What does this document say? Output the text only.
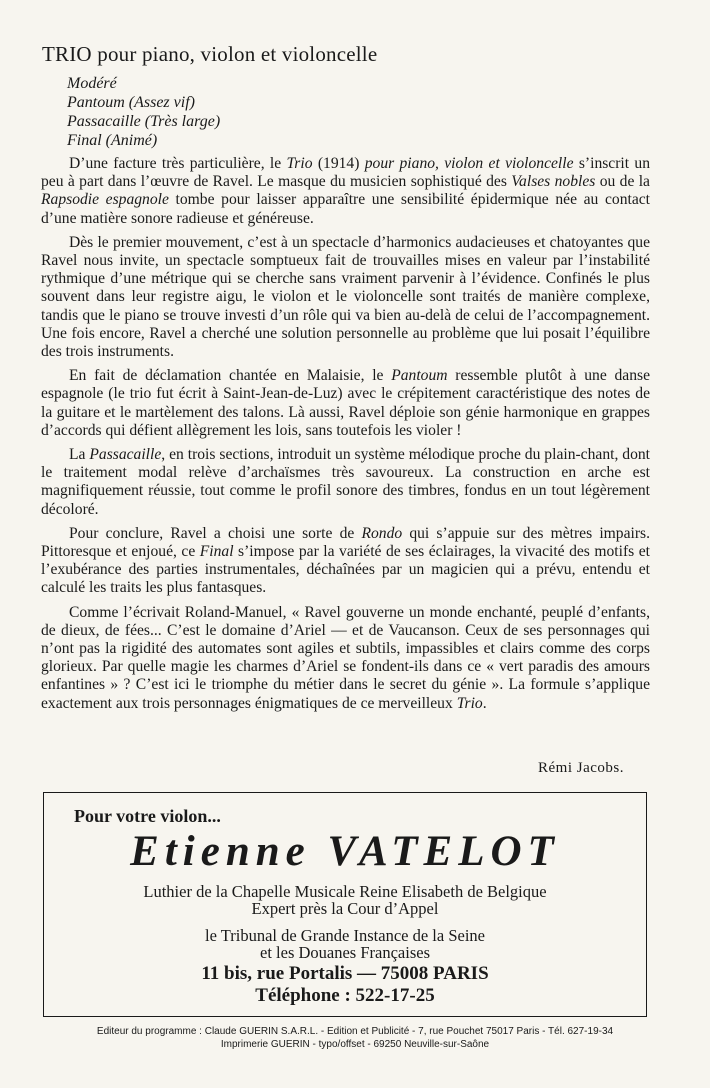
TRIO pour piano, violon et violoncelle
Modéré
Pantoum (Assez vif)
Passacaille (Très large)
Final (Animé)

D’une facture très particulière, le Trio (1914) pour piano, violon et violoncelle s’inscrit un peu à part dans l’œuvre de Ravel. Le masque du musicien sophistiqué des Valses nobles ou de la Rapsodie espagnole tombe pour laisser apparaître une sensibilité épidermique née au contact d’une matière sonore radieuse et généreuse.

Dès le premier mouvement, c’est à un spectacle d’harmonics audacieuses et chatoyantes que Ravel nous invite, un spectacle somptueux fait de trouvailles mises en valeur par l’instabilité rythmique d’une métrique qui se cherche sans vraiment parvenir à l’évidence. Confinés le plus souvent dans leur registre aigu, le violon et le violoncelle sont traités de manière complexe, tandis que le piano se trouve investi d’un rôle qui va bien au-delà de celui de l’accompagnement. Une fois encore, Ravel a cherché une solution personnelle au problème que lui posait l’équilibre des trois instruments.

En fait de déclamation chantée en Malaisie, le Pantoum ressemble plutôt à une danse espagnole (le trio fut écrit à Saint-Jean-de-Luz) avec le crépitement caractéristique des notes de la guitare et le martèlement des talons. Là aussi, Ravel déploie son génie harmonique en grappes d’accords qui défient allègrement les lois, sans toutefois les violer !

La Passacaille, en trois sections, introduit un système mélodique proche du plain-chant, dont le traitement modal relève d’archaïsmes très savoureux. La construction en arche est magnifiquement réussie, tout comme le profil sonore des timbres, fondus en un tout légèrement décoloré.

Pour conclure, Ravel a choisi une sorte de Rondo qui s’appuie sur des mètres impairs. Pittoresque et enjoué, ce Final s’impose par la variété de ses éclairages, la vivacité des motifs et l’exubérance des parties instrumentales, déchaînées par un magicien qui a prévu, entendu et calculé les traits les plus fantasques.

Comme l’écrivait Roland-Manuel, « Ravel gouverne un monde enchanté, peuplé d’enfants, de dieux, de fées... C’est le domaine d’Ariel — et de Vaucanson. Ceux de ses personnages qui n’ont pas la rigidité des automates sont agiles et subtils, impassibles et clairs comme des corps glorieux. Par quelle magie les charmes d’Ariel se fondent-ils dans ce « vert paradis des amours enfantines » ? C’est ici le triomphe du métier dans le secret du génie ». La formule s’applique exactement aux trois personnages énigmatiques de ce merveilleux Trio.

Rémi Jacobs.
Pour votre violon...
Etienne VATELOT
Luthier de la Chapelle Musicale Reine Elisabeth de Belgique
Expert près la Cour d’Appel
le Tribunal de Grande Instance de la Seine
et les Douanes Françaises
11 bis, rue Portalis — 75008 PARIS
Téléphone : 522-17-25
Editeur du programme : Claude GUERIN S.A.R.L. - Edition et Publicité - 7, rue Pouchet 75017 Paris - Tél. 627-19-34
Imprimerie GUERIN - typo/offset - 69250 Neuville-sur-Saône
